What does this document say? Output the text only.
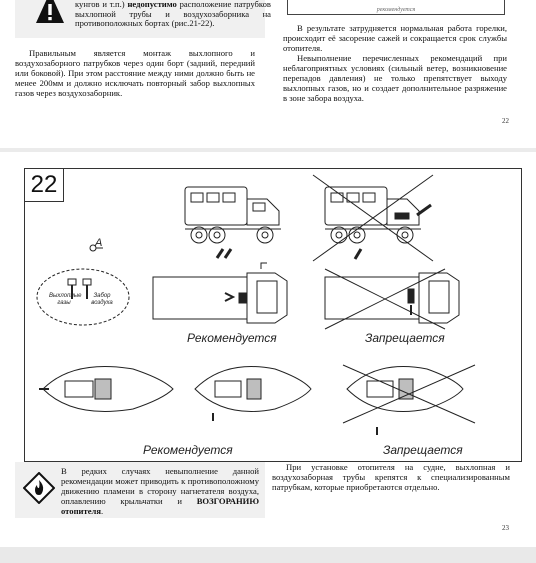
кунгов и т.п.) недопустимо расположение патрубков выхлопной трубы и воздухозаборника на противоположных бортах (рис.21-22).

Правильным является монтаж выхлопного и воздухозаборного патрубков через один борт (задний, передний или боковой). При этом расстояние между ними должно быть не менее 200мм и должно исключать повторный забор выхлопных газов через воздухозаборник.

рекомендуется

В результате затрудняется нормальная работа горелки, происходит её засорение сажей и сокращается срок службы отопителя.

Невыполнение перечисленных рекомендаций при неблагоприятных условиях (сильный ветер, возникновение перепадов давления) не только препятствует выходу выхлопных газов, но и создает дополнительное разряжение в зоне забора воздуха.

22
22
A
Выхлопные газы
Забор воздуха
Рекомендуется	Запрещается
Рекомендуется	Запрещается
В редких случаях невыполнение данной рекомендации может приводить к противоположному движению пламени в сторону нагнетателя воздуха, оплавлению крыльчатки и ВОЗГОРАНИЮ отопителя.

При установке отопителя на судне, выхлопная и воздухозаборная трубы крепятся к специализированным патрубкам, которые приобретаются отдельно.

23
